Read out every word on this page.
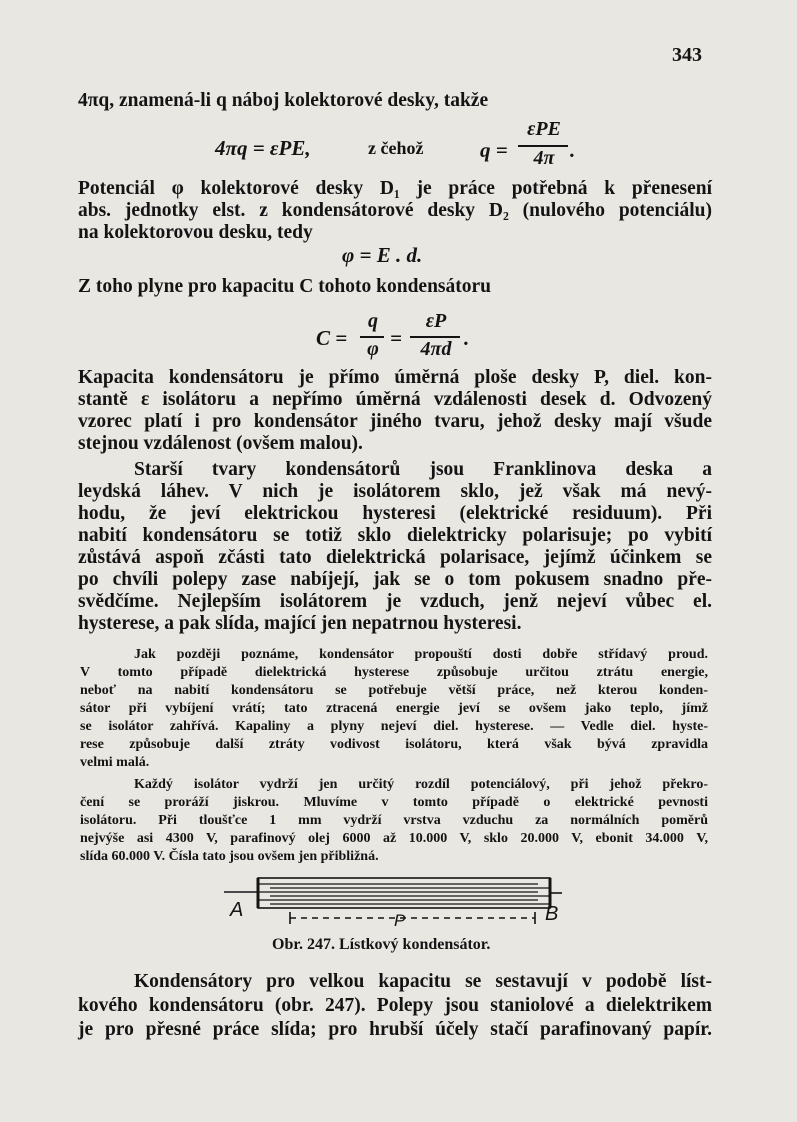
343
4πq, znamená-li q náboj kolektorové desky, takže
4πq = εPE,	z čehož	q =
εPE
4π .
Potenciál φ kolektorové desky D₁ je práce potřebná k přenesení
abs. jednotky elst. z kondensátorové desky D₂ (nulového potenciálu)
na kolektorovou desku, tedy
φ = E . d.
Z toho plyne pro kapacitu C tohoto kondensátoru
C =
q
φ =
εP
4πd .
Kapacita kondensátoru je přímo úměrná ploše desky P, diel. kon-
stantě ε isolátoru a nepřímo úměrná vzdálenosti desek d. Odvozený
vzorec platí i pro kondensátor jiného tvaru, jehož desky mají všude
stejnou vzdálenost (ovšem malou).
Starší tvary kondensátorů jsou Franklinova deska a
leydská láhev. V nich je isolátorem sklo, jež však má nevý-
hodu, že jeví elektrickou hysteresi (elektrické residuum). Při
nabití kondensátoru se totiž sklo dielektricky polarisuje; po vybití
zůstává aspoň zčásti tato dielektrická polarisace, jejímž účinkem se
po chvíli polepy zase nabíjejí, jak se o tom pokusem snadno pře-
svědčíme. Nejlepším isolátorem je vzduch, jenž nejeví vůbec el.
hysterese, a pak slída, mající jen nepatrnou hysteresi.
Jak později poznáme, kondensátor propouští dosti dobře střídavý proud.
V tomto případě dielektrická hysterese způsobuje určitou ztrátu energie,
neboť na nabití kondensátoru se potřebuje větší práce, než kterou konden-
sátor při vybíjení vrátí; tato ztracená energie jeví se ovšem jako teplo, jímž
se isolátor zahřívá. Kapaliny a plyny nejeví diel. hysterese. — Vedle diel. hyste-
rese způsobuje další ztráty vodivost isolátoru, která však bývá zpravidla
velmi malá.
Každý isolátor vydrží jen určitý rozdíl potenciálový, při jehož překro-
čení se proráží jiskrou. Mluvíme v tomto případě o elektrické pevnosti
isolátoru. Při tloušťce 1 mm vydrží vrstva vzduchu za normálních poměrů
nejvýše asi 4300 V, parafinový olej 6000 až 10.000 V, sklo 20.000 V, ebonit 34.000 V,
slída 60.000 V. Čísla tato jsou ovšem jen přibližná.
A	B
P
Obr. 247. Lístkový kondensátor.
Kondensátory pro velkou kapacitu se sestavují v podobě líst-
kového kondensátoru (obr. 247). Polepy jsou staniolové a dielektrikem
je pro přesné práce slída; pro hrubší účely stačí parafinovaný papír.
